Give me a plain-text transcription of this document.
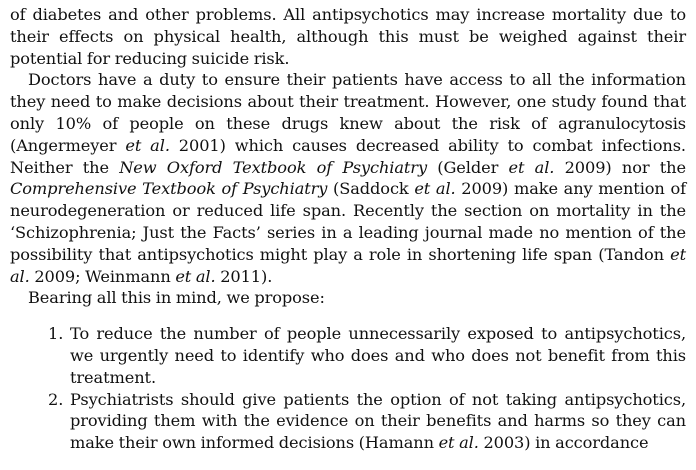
of diabetes and other problems. All antipsychotics may increase mortality due to their effects on physical health, although this must be weighed against their potential for reducing suicide risk.

Doctors have a duty to ensure their patients have access to all the information they need to make decisions about their treatment. However, one study found that only 10% of people on these drugs knew about the risk of agranulocytosis (Angermeyer et al. 2001) which causes decreased ability to combat infections. Neither the New Oxford Textbook of Psychiatry (Gelder et al. 2009) nor the Comprehensive Textbook of Psychiatry (Saddock et al. 2009) make any mention of neurodegeneration or reduced life span. Recently the section on mortality in the ‘Schizophrenia; Just the Facts’ series in a leading journal made no mention of the possibility that antipsychotics might play a role in shortening life span (Tandon et al. 2009; Weinmann et al. 2011).

Bearing all this in mind, we propose:

1. To reduce the number of people unnecessarily exposed to antipsychotics, we urgently need to identify who does and who does not benefit from this treatment.
2. Psychiatrists should give patients the option of not taking antipsychotics, providing them with the evidence on their benefits and harms so they can make their own informed decisions (Hamann et al. 2003) in accordance
